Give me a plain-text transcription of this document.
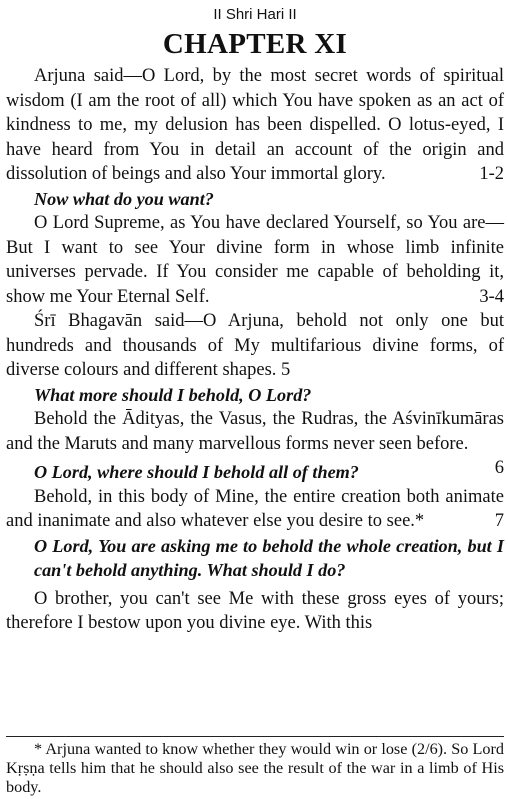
II Shri Hari II
CHAPTER XI

Arjuna said—O Lord, by the most secret words of spiritual wisdom (I am the root of all) which You have spoken as an act of kindness to me, my delusion has been dispelled. O lotus-eyed, I have heard from You in detail an account of the origin and dissolution of beings and also Your immortal glory.	1-2

Now what do you want?

O Lord Supreme, as You have declared Yourself, so You are—But I want to see Your divine form in whose limb infinite universes pervade. If You consider me capable of beholding it, show me Your Eternal Self.	3-4

Śrī Bhagavān said—O Arjuna, behold not only one but hundreds and thousands of My multifarious divine forms, of diverse colours and different shapes. 5

What more should I behold, O Lord?

Behold the Ādityas, the Vasus, the Rudras, the Aśvinīkumāras and the Maruts and many marvellous forms never seen before.
6

O Lord, where should I behold all of them?

Behold, in this body of Mine, the entire creation both animate and inanimate and also whatever else you desire to see.*	7

O Lord, You are asking me to behold the whole creation, but I can't behold anything. What should I do?

O brother, you can't see Me with these gross eyes of yours; therefore I bestow upon you divine eye. With this

* Arjuna wanted to know whether they would win or lose (2/6). So Lord Kṛṣṇa tells him that he should also see the result of the war in a limb of His body.
